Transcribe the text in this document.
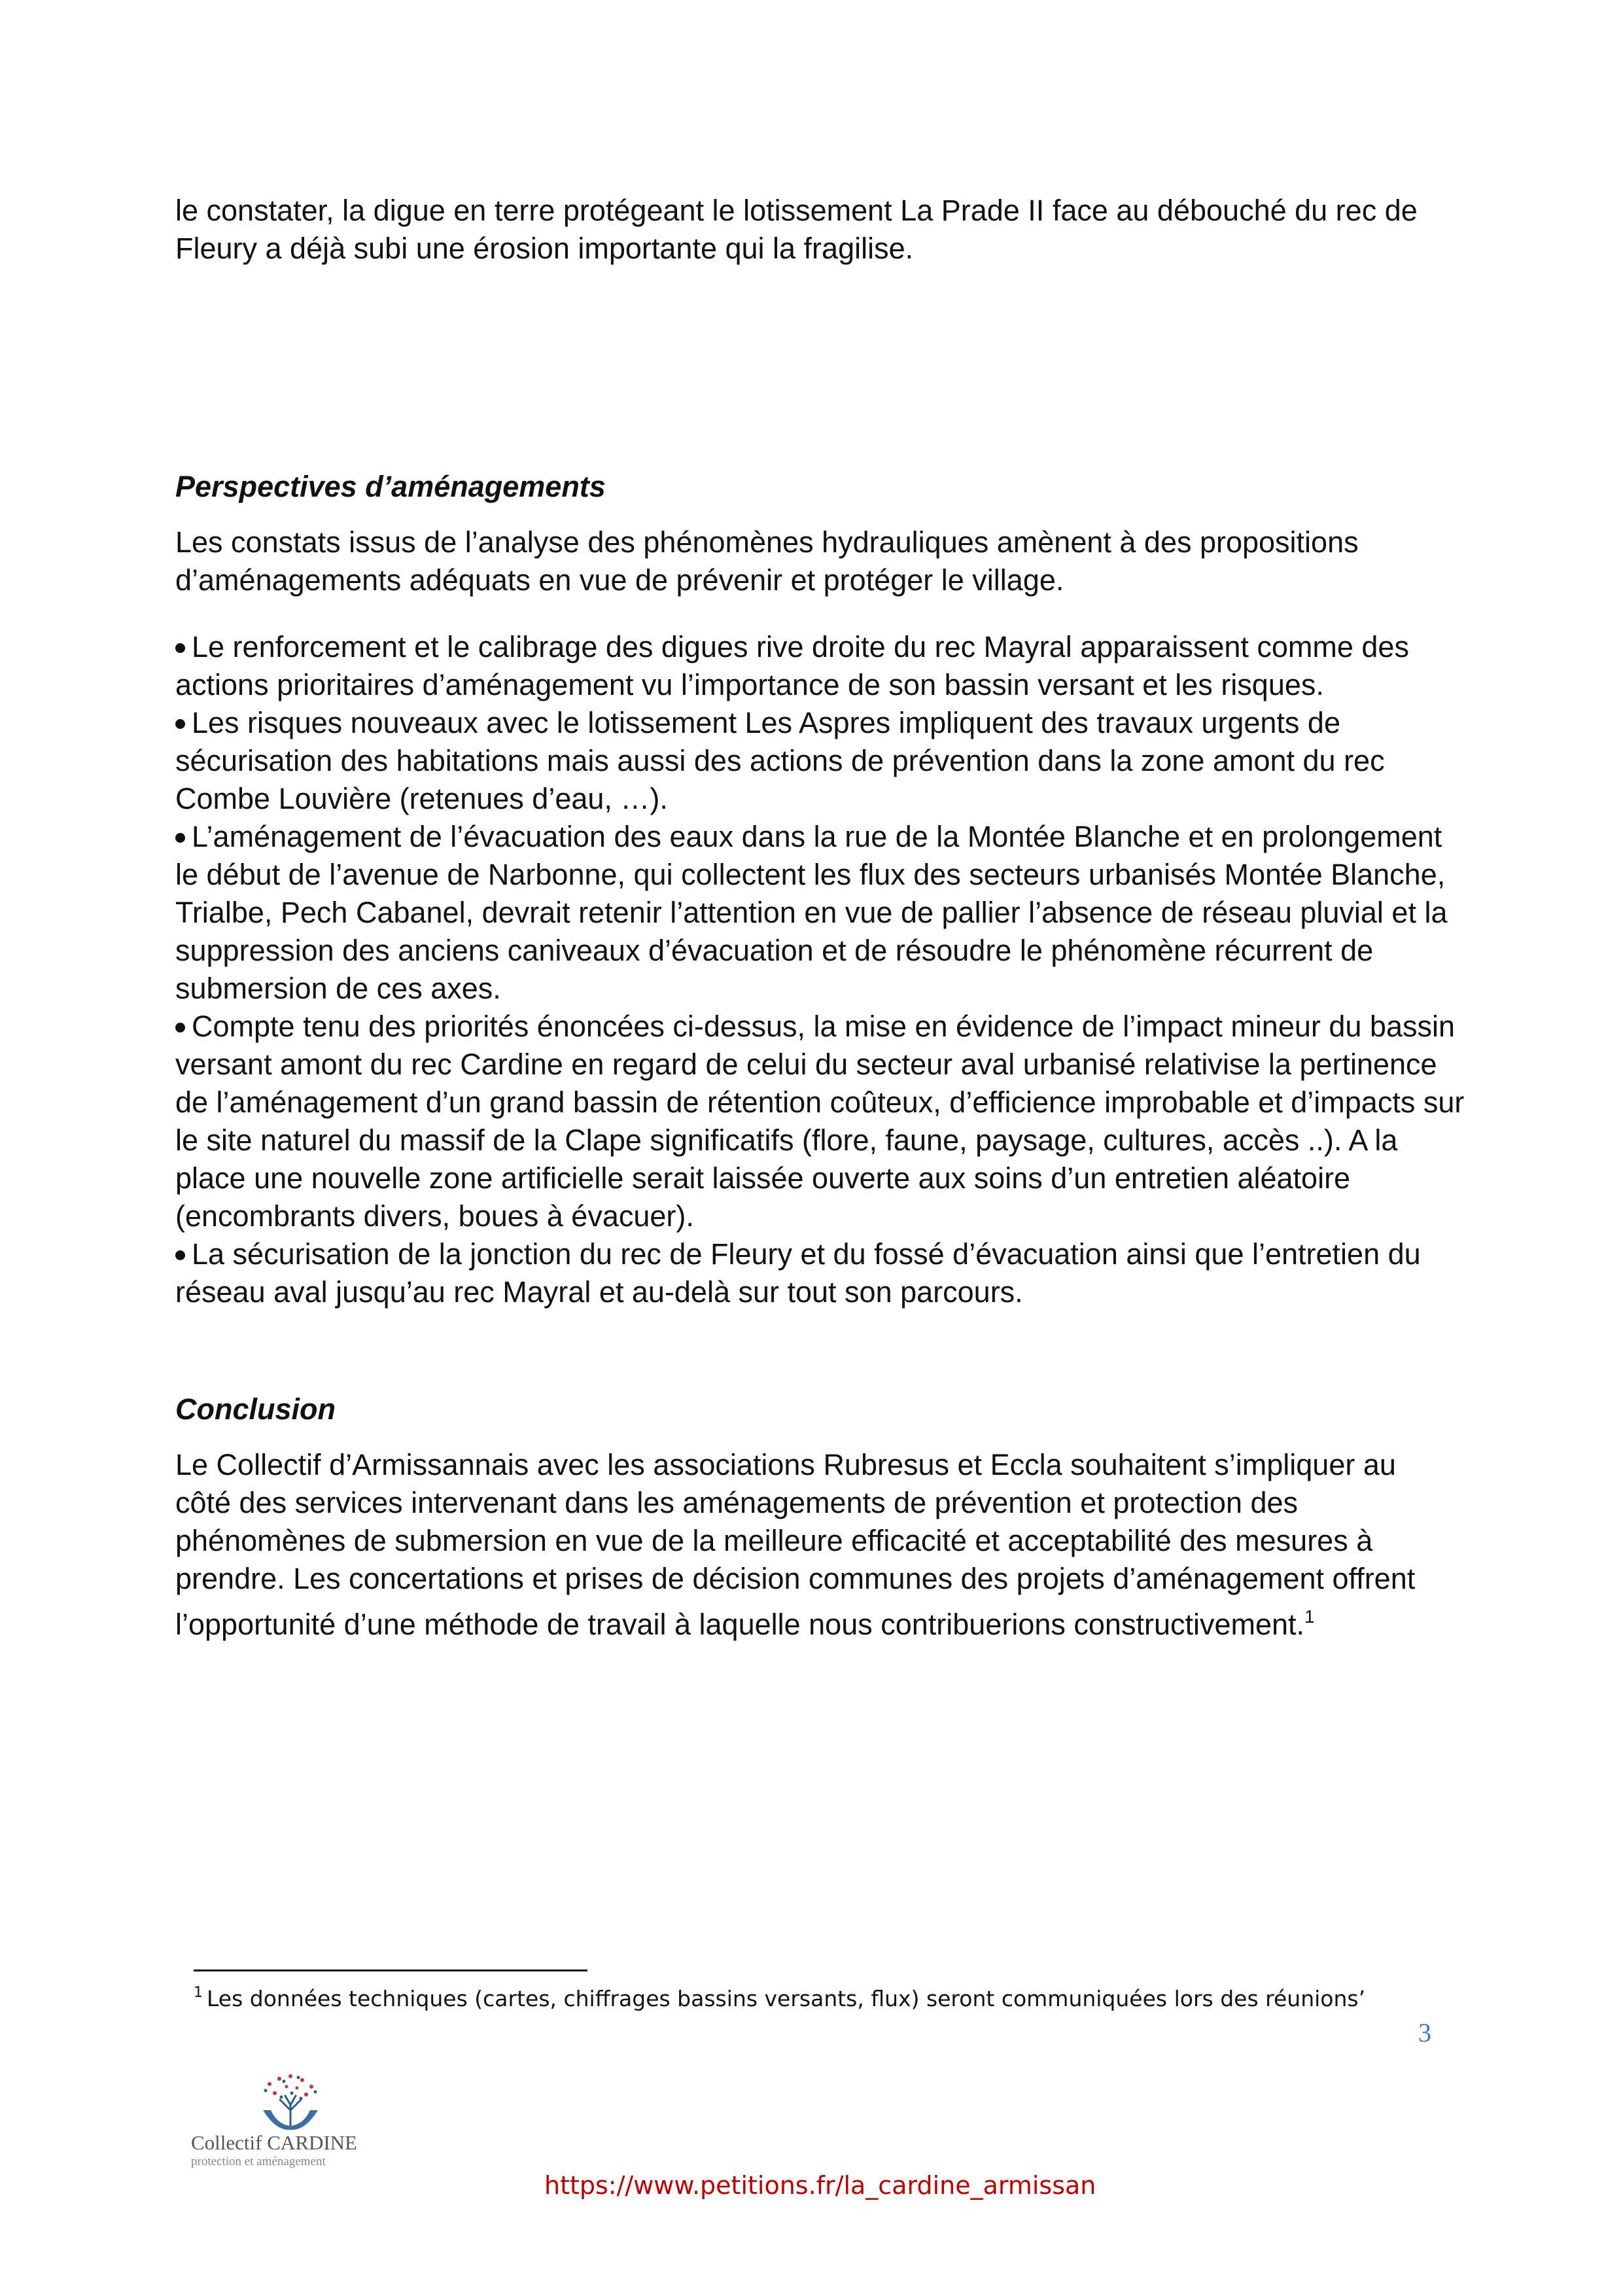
le constater, la digue en terre protégeant le lotissement La Prade II face au débouché du rec de Fleury a déjà subi une érosion importante qui la fragilise.

Perspectives d’aménagements

Les constats issus de l’analyse des phénomènes hydrauliques amènent à des propositions d’aménagements adéquats en vue de prévenir et protéger le village.

Le renforcement et le calibrage des digues rive droite du rec Mayral apparaissent comme des actions prioritaires d’aménagement vu l’importance de son bassin versant et les risques.
Les risques nouveaux avec le lotissement Les Aspres impliquent des travaux urgents de sécurisation des habitations mais aussi des actions de prévention dans la zone amont du rec Combe Louvière (retenues d’eau, …).
L’aménagement de l’évacuation des eaux dans la rue de la Montée Blanche et en prolongement le début de l’avenue de Narbonne, qui collectent les flux des secteurs urbanisés Montée Blanche, Trialbe, Pech Cabanel, devrait retenir l’attention en vue de pallier l’absence de réseau pluvial et la suppression des anciens caniveaux d’évacuation et de résoudre le phénomène récurrent de submersion de ces axes.
Compte tenu des priorités énoncées ci-dessus, la mise en évidence de l’impact mineur du bassin versant amont du rec Cardine en regard de celui du secteur aval urbanisé relativise la pertinence de l’aménagement d’un grand bassin de rétention coûteux, d’efficience improbable et d’impacts sur le site naturel du massif de la Clape significatifs (flore, faune, paysage, cultures, accès ..). A la place une nouvelle zone artificielle serait laissée ouverte aux soins d’un entretien aléatoire (encombrants divers, boues à évacuer).
La sécurisation de la jonction du rec de Fleury et du fossé d’évacuation ainsi que l’entretien du réseau aval jusqu’au rec Mayral et au-delà sur tout son parcours.
Conclusion

Le Collectif d’Armissannais avec les associations Rubresus et Eccla souhaitent s’impliquer au côté des services intervenant dans les aménagements de prévention et protection des phénomènes de submersion en vue de la meilleure efficacité et acceptabilité des mesures à prendre. Les concertations et prises de décision communes des projets d’aménagement offrent l’opportunité d’une méthode de travail à laquelle nous contribuerions constructivement.$^1$

$^1$ Les données techniques (cartes, chiffrages bassins versants, flux) seront communiquées lors des réunions’
3
Collectif CARDINE
protection et aménagement
https://www.petitions.fr/la_cardine_armissan
